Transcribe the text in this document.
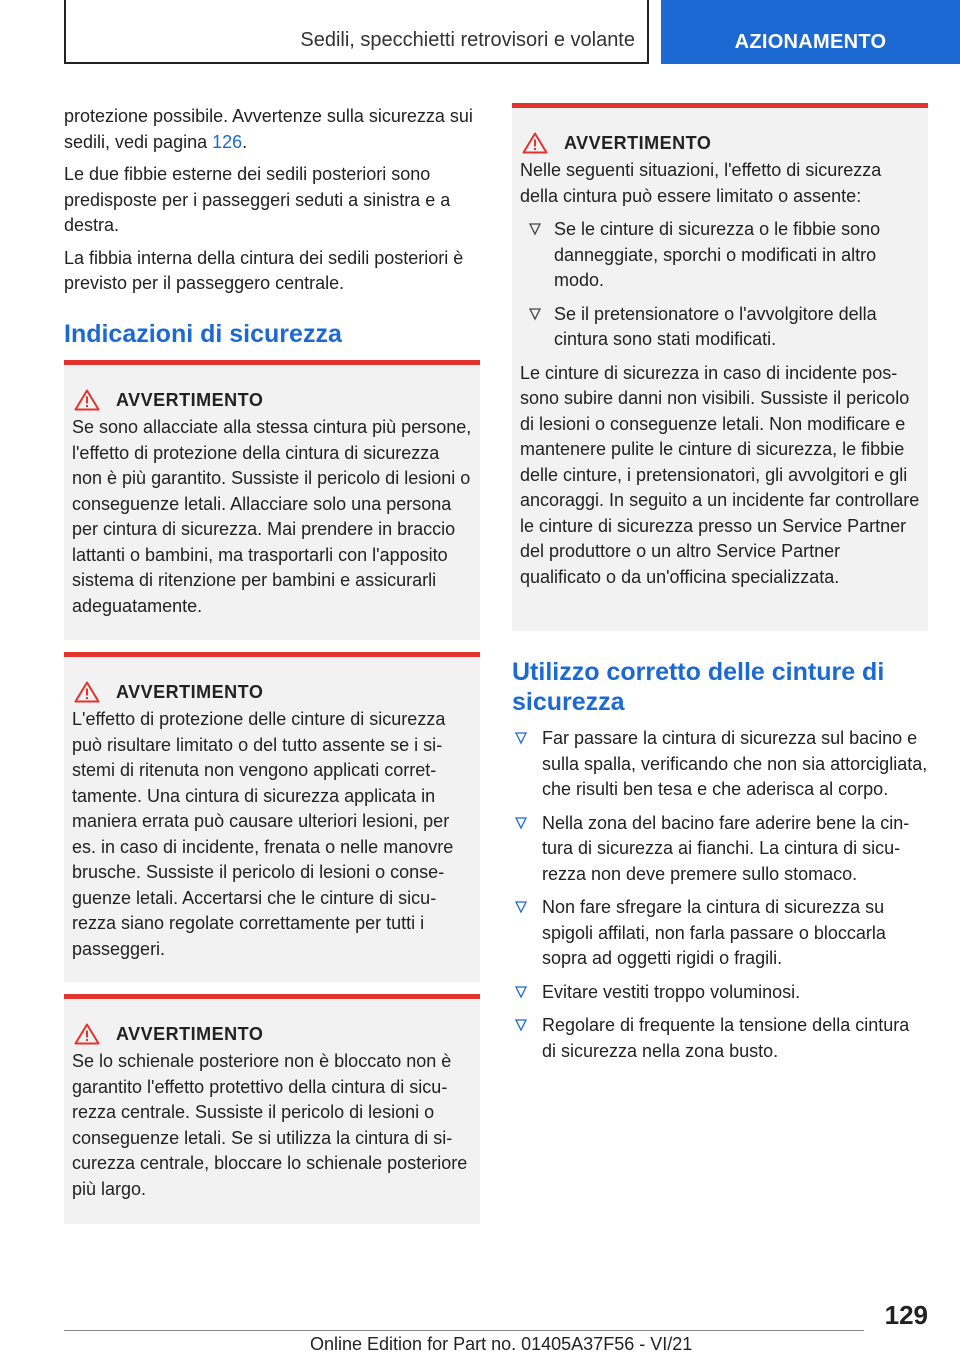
Sedili, specchietti retrovisori e volante	AZIONAMENTO

protezione possibile. Avvertenze sulla sicurezza sui sedili, vedi pagina 126.

Le due fibbie esterne dei sedili posteriori sono predisposte per i passeggeri seduti a sinistra e a destra.

La fibbia interna della cintura dei sedili posteriori è previsto per il passeggero centrale.

Indicazioni di sicurezza
AVVERTIMENTO
Se sono allacciate alla stessa cintura più persone, l'effetto di protezione della cintura di sicurezza non è più garantito. Sussiste il pericolo di lesioni o conseguenze letali. Allacciare solo una persona per cintura di sicurezza. Mai prendere in braccio lattanti o bambini, ma trasportarli con l'apposito sistema di ritenzione per bambini e assicurarli adeguatamente.
AVVERTIMENTO
L'effetto di protezione delle cinture di sicurezza può risultare limitato o del tutto assente se i sistemi di ritenuta non vengono applicati correttamente. Una cintura di sicurezza applicata in maniera errata può causare ulteriori lesioni, per es. in caso di incidente, frenata o nelle manovre brusche. Sussiste il pericolo di lesioni o conseguenze letali. Accertarsi che le cinture di sicurezza siano regolate correttamente per tutti i passeggeri.
AVVERTIMENTO
Se lo schienale posteriore non è bloccato non è garantito l'effetto protettivo della cintura di sicurezza centrale. Sussiste il pericolo di lesioni o conseguenze letali. Se si utilizza la cintura di sicurezza centrale, bloccare lo schienale posteriore più largo.
AVVERTIMENTO
Nelle seguenti situazioni, l'effetto di sicurezza della cintura può essere limitato o assente:
Se le cinture di sicurezza o le fibbie sono danneggiate, sporchi o modificati in altro modo.
Se il pretensionatore o l'avvolgitore della cintura sono stati modificati.
Le cinture di sicurezza in caso di incidente possono subire danni non visibili. Sussiste il pericolo di lesioni o conseguenze letali. Non modificare e mantenere pulite le cinture di sicurezza, le fibbie delle cinture, i pretensionatori, gli avvolgitori e gli ancoraggi. In seguito a un incidente far controllare le cinture di sicurezza presso un Service Partner del produttore o un altro Service Partner qualificato o da un'officina specializzata.
Utilizzo corretto delle cinture di sicurezza
Far passare la cintura di sicurezza sul bacino e sulla spalla, verificando che non sia attorcigliata, che risulti ben tesa e che aderisca al corpo.
Nella zona del bacino fare aderire bene la cintura di sicurezza ai fianchi. La cintura di sicurezza non deve premere sullo stomaco.
Non fare sfregare la cintura di sicurezza su spigoli affilati, non farla passare o bloccarla sopra ad oggetti rigidi o fragili.
Evitare vestiti troppo voluminosi.
Regolare di frequente la tensione della cintura di sicurezza nella zona busto.
129
Online Edition for Part no. 01405A37F56 - VI/21
